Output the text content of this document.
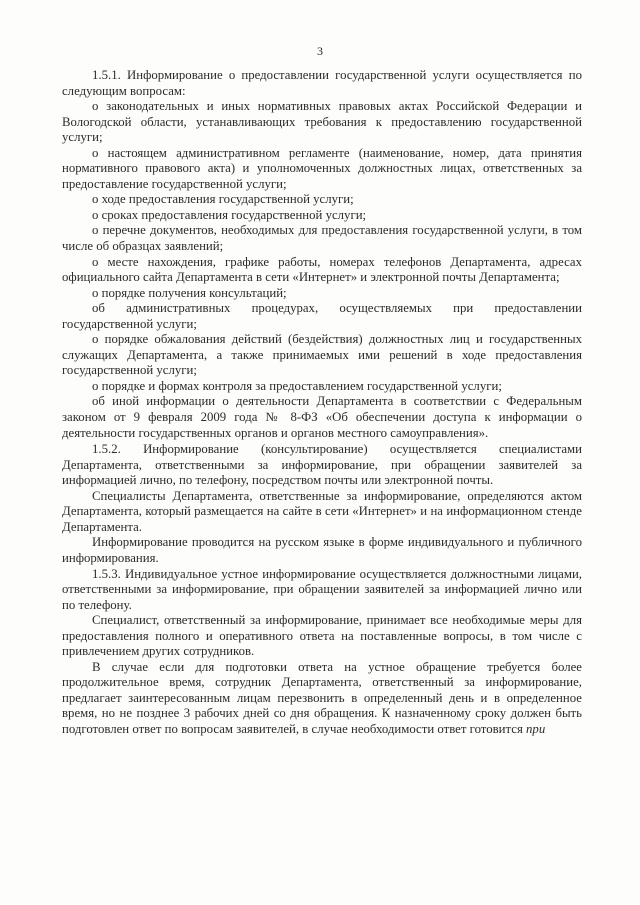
3

1.5.1. Информирование о предоставлении государственной услуги осуществляется по следующим вопросам:

о законодательных и иных нормативных правовых актах Российской Федерации и Вологодской области, устанавливающих требования к предоставлению государственной услуги;

о настоящем административном регламенте (наименование, номер, дата принятия нормативного правового акта) и уполномоченных должностных лицах, ответственных за предоставление государственной услуги;

о ходе предоставления государственной услуги;

о сроках предоставления государственной услуги;

о перечне документов, необходимых для предоставления государственной услуги, в том числе об образцах заявлений;

о месте нахождения, графике работы, номерах телефонов Департамента, адресах официального сайта Департамента в сети «Интернет» и электронной почты Департамента;

о порядке получения консультаций;

об административных процедурах, осуществляемых при предоставлении государственной услуги;

о порядке обжалования действий (бездействия) должностных лиц и государственных служащих Департамента, а также принимаемых ими решений в ходе предоставления государственной услуги;

о порядке и формах контроля за предоставлением государственной услуги;

об иной информации о деятельности Департамента в соответствии с Федеральным законом от 9 февраля 2009 года № 8-ФЗ «Об обеспечении доступа к информации о деятельности государственных органов и органов местного самоуправления».

1.5.2. Информирование (консультирование) осуществляется специалистами Департамента, ответственными за информирование, при обращении заявителей за информацией лично, по телефону, посредством почты или электронной почты.

Специалисты Департамента, ответственные за информирование, определяются актом Департамента, который размещается на сайте в сети «Интернет» и на информационном стенде Департамента.

Информирование проводится на русском языке в форме индивидуального и публичного информирования.

1.5.3. Индивидуальное устное информирование осуществляется должностными лицами, ответственными за информирование, при обращении заявителей за информацией лично или по телефону.

Специалист, ответственный за информирование, принимает все необходимые меры для предоставления полного и оперативного ответа на поставленные вопросы, в том числе с привлечением других сотрудников.

В случае если для подготовки ответа на устное обращение требуется более продолжительное время, сотрудник Департамента, ответственный за информирование, предлагает заинтересованным лицам перезвонить в определенный день и в определенное время, но не позднее 3 рабочих дней со дня обращения. К назначенному сроку должен быть подготовлен ответ по вопросам заявителей, в случае необходимости ответ готовится при
